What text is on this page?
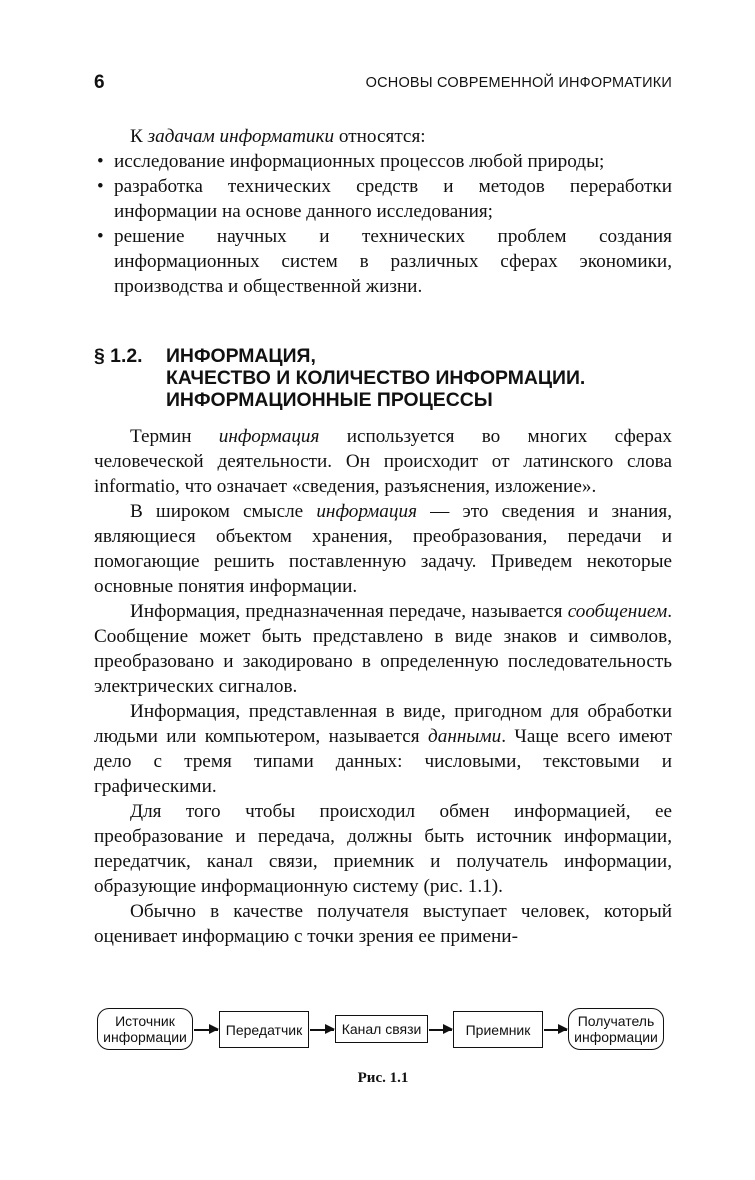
6	ОСНОВЫ СОВРЕМЕННОЙ ИНФОРМАТИКИ

К задачам информатики относятся:

• исследование информационных процессов любой природы;
• разработка технических средств и методов переработки информации на основе данного исследования;
• решение научных и технических проблем создания информационных систем в различных сферах экономики, производства и общественной жизни.
§ 1.2. ИНФОРМАЦИЯ,
КАЧЕСТВО И КОЛИЧЕСТВО ИНФОРМАЦИИ.
ИНФОРМАЦИОННЫЕ ПРОЦЕССЫ

Термин информация используется во многих сферах человеческой деятельности. Он происходит от латинского слова informatio, что означает «сведения, разъяснения, изложение».

В широком смысле информация — это сведения и знания, являющиеся объектом хранения, преобразования, передачи и помогающие решить поставленную задачу. Приведем некоторые основные понятия информации.

Информация, предназначенная передаче, называется сообщением. Сообщение может быть представлено в виде знаков и символов, преобразовано и закодировано в определенную последовательность электрических сигналов.

Информация, представленная в виде, пригодном для обработки людьми или компьютером, называется данными. Чаще всего имеют дело с тремя типами данных: числовыми, текстовыми и графическими.

Для того чтобы происходил обмен информацией, ее преобразование и передача, должны быть источник информации, передатчик, канал связи, приемник и получатель информации, образующие информационную систему (рис. 1.1).

Обычно в качестве получателя выступает человек, который оценивает информацию с точки зрения ее примени-

Источник
информации	Передатчик	Канал связи	Приемник
Получатель
информации
Рис. 1.1
